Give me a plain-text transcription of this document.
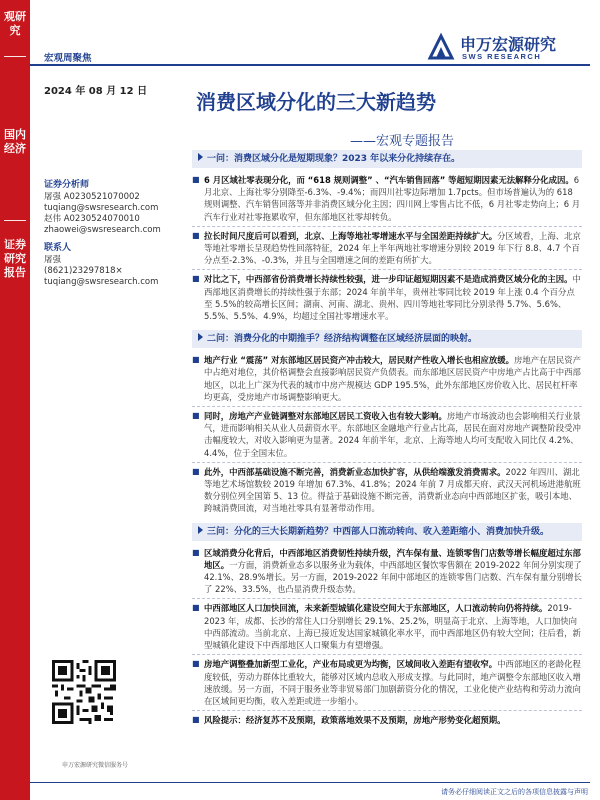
观研究
国内经济
证券研究报告
宏观周聚焦
申万宏源研究
SWS RESEARCH
2024 年 08 月 12 日 消费区域分化的三大新趋势
——宏观专题报告
证券分析师
屠强 A0230521070002
tuqiang@swsresearch.com
赵伟 A0230524070010
zhaowei@swsresearch.com
联系人
屠强
(8621)23297818×
tuqiang@swsresearch.com
申万宏源研究微信服务号
一问：消费区域分化是短期现象？2023 年以来分化持续存在。
■ 6 月区域社零表现分化，而 “618 规则调整” 、“汽车销售回落” 等超短期因素无法解释分化成因。6 月北京、上海社零分别降至-6.3%、-9.4%；而四川社零边际增加 1.7pcts。但市场普遍认为的 618 规则调整、汽车销售回落等并非消费区域分化主因；四川网上零售占比不低，6 月社零走势向上；6 月汽车行业对社零拖累收窄，但东部地区社零却转负。
■ 拉长时间尺度后可以看到，北京、上海等地社零增速水平与全国差距持续扩大。分区域看，上海、北京等地社零增长呈现趋势性回落特征，2024 年上半年两地社零增速分别较 2019 年下行 8.8、4.7 个百分点至-2.3%、-0.3%，并且与全国增速之间的差距有所扩大。
■ 对比之下，中西部省份消费增长持续性较强，进一步印证超短期因素不是造成消费区域分化的主因。中西部地区消费增长的持续性强于东部；2024 年前半年，贵州社零同比较 2019 年上涨 0.4 个百分点至 5.5%的较高增长区间；湖南、河南、湖北、贵州、四川等地社零同比分别录得 5.7%、5.6%、5.5%、5.5%、4.9%，均超过全国社零增速水平。
二问：消费分化的中期推手？经济结构调整在区域经济层面的映射。
■ 地产行业 “震荡” 对东部地区居民资产冲击较大，居民财产性收入增长也相应放缓。房地产在居民资产中占绝对地位，其价格调整会直接影响居民资产负债表。而东部地区居民资产中房地产占比高于中西部地区，以北上广深为代表的城市中房产规模达 GDP 195.5%，此外东部地区房价收入比、居民杠杆率均更高，受房地产市场调整影响更大。
■ 同时，房地产产业链调整对东部地区居民工资收入也有较大影响。房地产市场波动也会影响相关行业景气，进而影响相关从业人员薪资水平。东部地区金融地产行业占比高，居民在面对房地产调整阶段受冲击幅度较大，对收入影响更为显著。2024 年前半年，北京、上海等地人均可支配收入同比仅 4.2%、4.4%，位于全国末位。
■ 此外，中西部基础设施不断完善，消费新业态加快扩容，从供给端激发消费需求。2022 年四川、湖北等地艺术场馆数较 2019 年增加 67.3%、41.8%；2024 年前 7 月成都天府、武汉天河机场进港航班数分别位列全国第 5、13 位。得益于基础设施不断完善，消费新业态向中西部地区扩张，吸引本地、跨城消费回流，对当地社零具有显著带动作用。
三问：分化的三大长期新趋势？中西部人口流动转向、收入差距缩小、消费加快升级。
■ 区域消费分化背后，中西部地区消费韧性持续升级，汽车保有量、连锁零售门店数等增长幅度超过东部地区。一方面，消费新业态多以服务业为载体，中西部地区餐饮零售额在 2019-2022 年间分别实现了 42.1%、28.9%增长。另一方面，2019-2022 年间中部地区的连锁零售门店数、汽车保有量分别增长了 22%、33.5%，也凸显消费升级态势。
■ 中西部地区人口加快回流，未来新型城镇化建设空间大于东部地区，人口流动转向仍将持续。2019-2023 年，成都、长沙的常住人口分别增长 29.1%、25.2%，明显高于北京、上海等地，人口加快向中西部流动。当前北京、上海已接近发达国家城镇化率水平，而中西部地区仍有较大空间；往后看，新型城镇化建设下中西部地区人口聚集力有望增强。
■ 房地产调整叠加新型工业化，产业布局或更为均衡，区域间收入差距有望收窄。中西部地区的老龄化程度较低，劳动力群体比重较大，能够对区域内总收入形成支撑。与此同时，地产调整令东部地区收入增速放缓。另一方面，不同于服务业等非贸易部门加剧薪资分化的情况，工业化使产业结构和劳动力流向在区域间更均衡，收入差距或进一步缩小。
■ 风险提示：经济复苏不及预期，政策落地效果不及预期，房地产形势变化超预期。
请务必仔细阅读正文之后的各项信息披露与声明
